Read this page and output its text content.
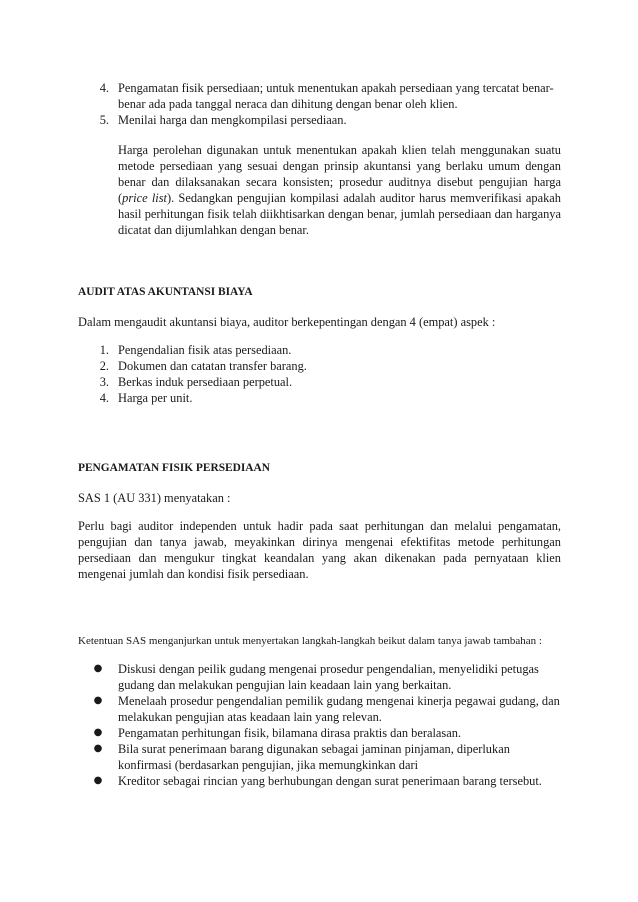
4. Pengamatan fisik persediaan; untuk menentukan apakah persediaan yang tercatat benar-benar ada pada tanggal neraca dan dihitung dengan benar oleh klien.
5. Menilai harga dan mengkompilasi persediaan.

Harga perolehan digunakan untuk menentukan apakah klien telah menggunakan suatu metode persediaan yang sesuai dengan prinsip akuntansi yang berlaku umum dengan benar dan dilaksanakan secara konsisten; prosedur auditnya disebut pengujian harga (price list). Sedangkan pengujian kompilasi adalah auditor harus memverifikasi apakah hasil perhitungan fisik telah diikhtisarkan dengan benar, jumlah persediaan dan harganya dicatat dan dijumlahkan dengan benar.

AUDIT ATAS AKUNTANSI BIAYA

Dalam mengaudit akuntansi biaya, auditor berkepentingan dengan 4 (empat) aspek :

1. Pengendalian fisik atas persediaan.
2. Dokumen dan catatan transfer barang.
3. Berkas induk persediaan perpetual.
4. Harga per unit.

PENGAMATAN FISIK PERSEDIAAN

SAS 1 (AU 331) menyatakan :

Perlu bagi auditor independen untuk hadir pada saat perhitungan dan melalui pengamatan, pengujian dan tanya jawab, meyakinkan dirinya mengenai efektifitas metode perhitungan persediaan dan mengukur tingkat keandalan yang akan dikenakan pada pernyataan klien mengenai jumlah dan kondisi fisik persediaan.

Ketentuan SAS menganjurkan untuk menyertakan langkah-langkah beikut dalam tanya jawab tambahan :

● Diskusi dengan peilik gudang mengenai prosedur pengendalian, menyelidiki petugas gudang dan melakukan pengujian lain keadaan lain yang berkaitan.
● Menelaah prosedur pengendalian pemilik gudang mengenai kinerja pegawai gudang, dan melakukan pengujian atas keadaan lain yang relevan.
● Pengamatan perhitungan fisik, bilamana dirasa praktis dan beralasan.
● Bila surat penerimaan barang digunakan sebagai jaminan pinjaman, diperlukan konfirmasi (berdasarkan pengujian, jika memungkinkan dari
● Kreditor sebagai rincian yang berhubungan dengan surat penerimaan barang tersebut.
